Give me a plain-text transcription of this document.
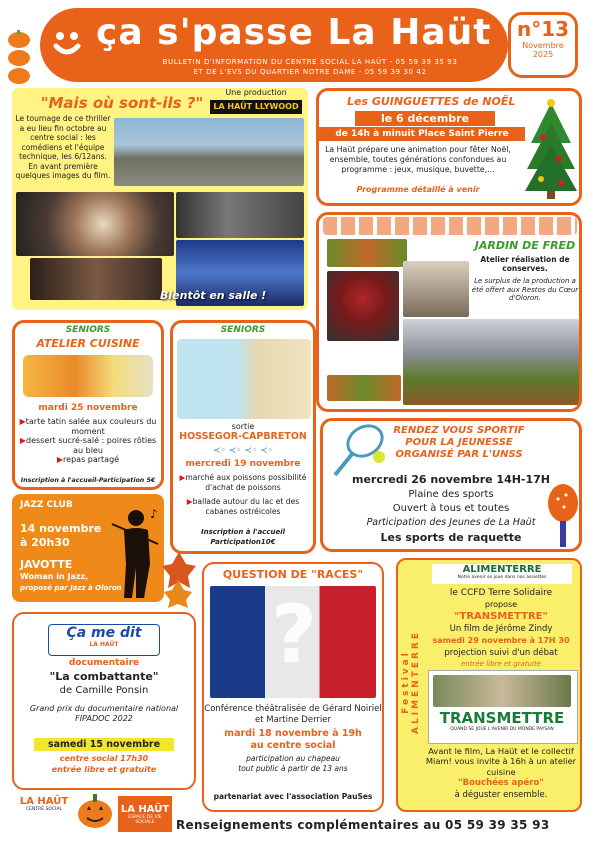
ça s'passe La Haüt
BULLETIN D'INFORMATION DU CENTRE SOCIAL LA HAÜT - 05 59 39 35 93
ET DE L'EVS DU QUARTIER NOTRE DAME - 05 59 39 30 42
n°13
Novembre
2025
"Mais où sont-ils ?"
Une production
LA HAÜT LLYWOOD
Le tournage de ce thriller a eu lieu fin octobre au centre social : les comédiens et l'équipe technique, les 6/12ans. En avant première quelques images du film.
Bientôt en salle !
Les GUINGUETTES de NOËL
le 6 décembre
de 14h à minuit Place Saint Pierre
La Haüt prépare une animation pour fêter Noël, ensemble, toutes générations confondues au programme : jeux, musique, buvette,...
Programme détaillé à venir
JARDIN DE FRED
Atelier réalisation de conserves.
Le surplus de la production a été offert aux Restos du Cœur d'Oloron.
SENIORS
ATELIER CUISINE
mardi 25 novembre
▶tarte tatin salée aux couleurs du moment
▶dessert sucré-salé : poires rôties au bleu
▶repas partagé
Inscription à l'accueil-Participation 5€
SENIORS
sortie
HOSSEGOR-CAPBRETON
mercredi 19 novembre
≺◦ ≺◦ ≺◦ ≺◦
▶marché aux poissons possibilité d'achat de poissons
▶ballade autour du lac et des cabanes ostréicoles
Inscription à l'accueil
Participation10€
RENDEZ VOUS SPORTIF POUR LA JEUNESSE ORGANISÉ PAR L'UNSS
mercredi 26 novembre 14H-17H
Plaine des sports
Ouvert à tous et toutes
Participation des Jeunes de La Haüt
Les sports de raquette
JAZZ CLUB
14 novembre
à 20h30
JAVOTTE
Woman in Jazz,
proposé par Jazz à Oloron
♪
Ça me dit
LA HAÜT
documentaire
"La combattante"
de Camille Ponsin
Grand prix du documentaire national FIPADOC 2022
samedi 15 novembre
centre social 17h30
entrée libre et gratuite
QUESTION DE "RACES"
?
Conférence théâtralisée de Gérard Noiriel et Martine Derrier
mardi 18 novembre à 19h
au centre social
participation au chapeau
tout public à partir de 13 ans
partenariat avec l'association PauSes
Festival ALIMENTERRE
ALIMENTERRE
Notre avenir se joue dans nos assiettes
le CCFD Terre Solidaire
propose
"TRANSMETTRE"
Un film de Jérôme Zindy
samedi 29 novembre à 17H 30
projection suivi d'un débat
entrée libre et gratuite
TRANSMETTRE
QUAND SE JOUE L'AVENIR DU MONDE PAYSAN
Avant le film, La Haüt et le collectif Miam! vous invite à 16h à un atelier cuisine
"Bouchées apéro"
à déguster ensemble.
LA HAÜT
CENTRE SOCIAL	LA HAÜT
ESPACE DE VIE SOCIALE	Renseignements complémentaires au 05 59 39 35 93
